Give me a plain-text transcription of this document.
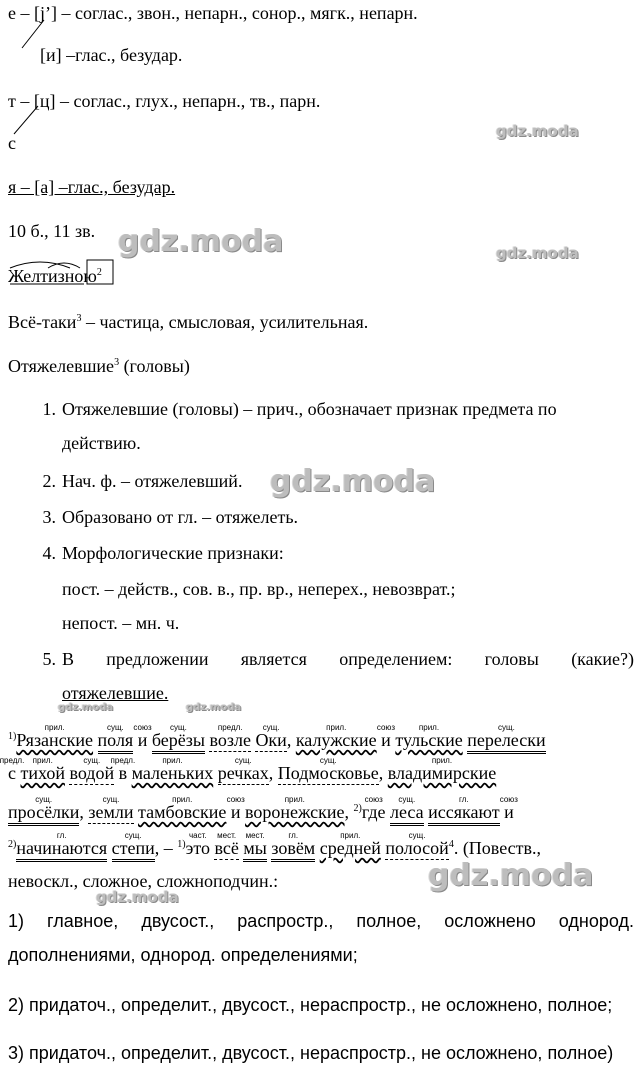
е – [j’] – соглас., звон., непарн., сонор., мягк., непарн.
[и] –глас., безудар.
т – [ц] – соглас., глух., непарн., тв., парн.
с
я – [а] –глас., безудар.
10 б., 11 зв.
Желтизною$^2$
Всё-таки$^3$ – частица, смысловая, усилительная.
Отяжелевшие$^3$ (головы)
1. Отяжелевшие (головы) – прич., обозначает признак предмета по
действию.
2. Нач. ф. – отяжелевший.
3. Образовано от гл. – отяжелеть.
4. Морфологические признаки:
пост. – действ., сов. в., пр. вр., неперех., невозврат.;
непост. – мн. ч.
5. В предложении является определением: головы (какие?)
отяжелевшие.
$^{1)}$
прил.
Рязанские
сущ.
поля
союз
и
сущ.
берёзы
предл.
возле
сущ.
Оки,
прил.
калужские
союз
и
прил.
тульские
сущ.
перелески
предл.
с
прил.
тихой
сущ.
водой
предл.
в
прил.
маленьких
сущ.
речках,
сущ.
Подмосковье,
прил.
владимирские
сущ.
просёлки,
сущ.
земли
прил.
тамбовские
союз
и
прил.
воронежские, $^{2)}$
союз
где
сущ.
леса
гл.
иссякают
союз
и
$^{2)}$
гл.
начинаются
сущ.
степи, – $^{1)}$
част.
это
мест.
всё
мест.
мы
гл.
зовём
прил.
средней
сущ.
полосой$^4$. (Повеств.,
невоскл., сложное, сложноподчин.:
1) главное, двусост., распростр., полное, осложнено однород.
дополнениями, однород. определениями;
2) придаточ., определит., двусост., нераспростр., не осложнено, полное;
3) придаточ., определит., двусост., нераспростр., не осложнено, полное)
gdz.moda
gdz.moda	gdz.moda
gdz.moda
gdz.moda	gdz.moda
gdz.moda
gdz.moda
